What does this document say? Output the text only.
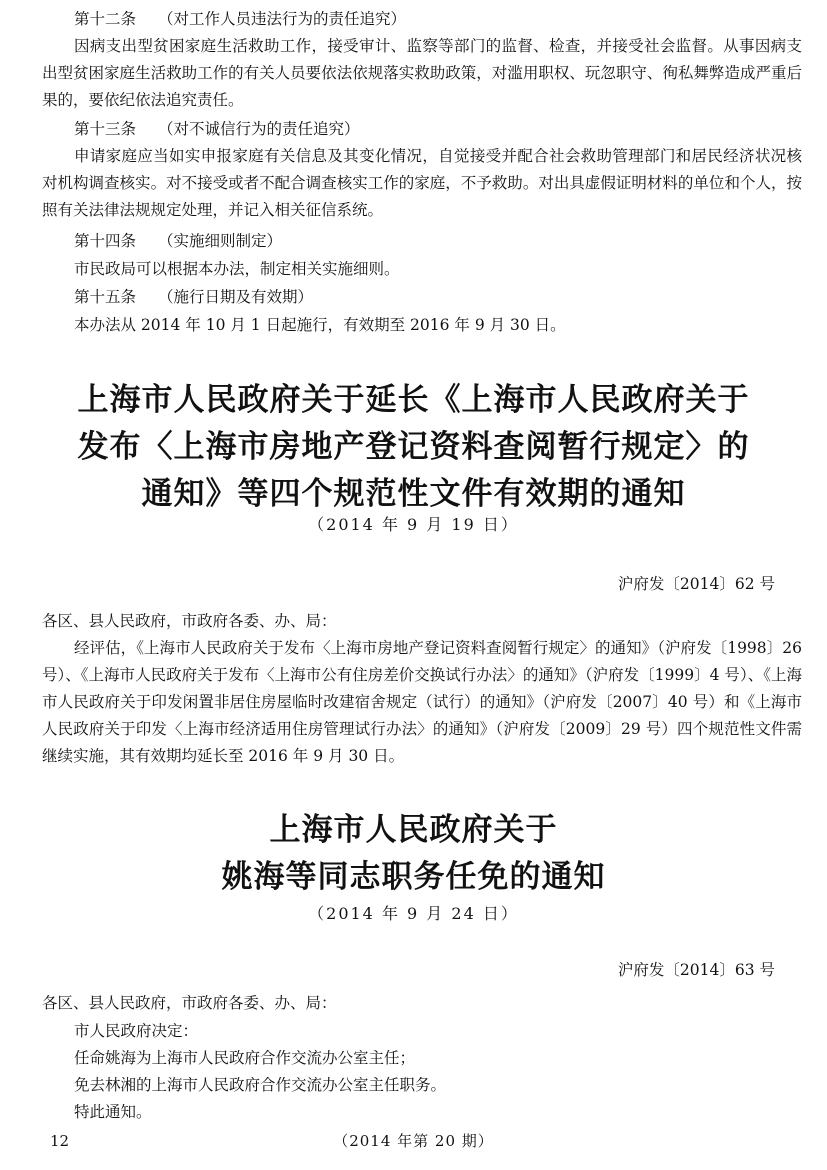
第十二条 （对工作人员违法行为的责任追究）

因病支出型贫困家庭生活救助工作，接受审计、监察等部门的监督、检查，并接受社会监督。从事因病支出型贫困家庭生活救助工作的有关人员要依法依规落实救助政策，对滥用职权、玩忽职守、徇私舞弊造成严重后果的，要依纪依法追究责任。

第十三条 （对不诚信行为的责任追究）

申请家庭应当如实申报家庭有关信息及其变化情况，自觉接受并配合社会救助管理部门和居民经济状况核对机构调查核实。对不接受或者不配合调查核实工作的家庭，不予救助。对出具虚假证明材料的单位和个人，按照有关法律法规规定处理，并记入相关征信系统。

第十四条 （实施细则制定）

市民政局可以根据本办法，制定相关实施细则。

第十五条 （施行日期及有效期）

本办法从 2014 年 10 月 1 日起施行，有效期至 2016 年 9 月 30 日。

上海市人民政府关于延长《上海市人民政府关于
发布〈上海市房地产登记资料查阅暂行规定〉的
通知》等四个规范性文件有效期的通知
（2014 年 9 月 19 日）
沪府发〔2014〕62 号

各区、县人民政府，市政府各委、办、局：

经评估，《上海市人民政府关于发布〈上海市房地产登记资料查阅暂行规定〉的通知》（沪府发〔1998〕26 号）、《上海市人民政府关于发布〈上海市公有住房差价交换试行办法〉的通知》（沪府发〔1999〕4 号）、《上海市人民政府关于印发闲置非居住房屋临时改建宿舍规定（试行）的通知》（沪府发〔2007〕40 号）和《上海市人民政府关于印发〈上海市经济适用住房管理试行办法〉的通知》（沪府发〔2009〕29 号）四个规范性文件需继续实施，其有效期均延长至 2016 年 9 月 30 日。

上海市人民政府关于
姚海等同志职务任免的通知
（2014 年 9 月 24 日）
沪府发〔2014〕63 号

各区、县人民政府，市政府各委、办、局：

市人民政府决定：

任命姚海为上海市人民政府合作交流办公室主任；

免去林湘的上海市人民政府合作交流办公室主任职务。

特此通知。

12	（2014 年第 20 期）
